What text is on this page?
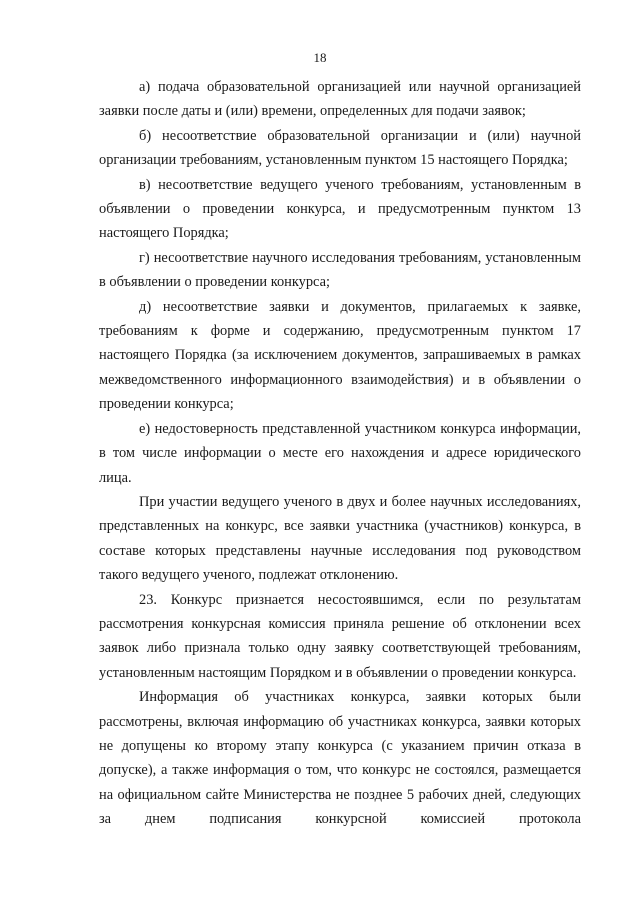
18

а) подача образовательной организацией или научной организацией заявки после даты и (или) времени, определенных для подачи заявок;

б) несоответствие образовательной организации и (или) научной организации требованиям, установленным пунктом 15 настоящего Порядка;

в) несоответствие ведущего ученого требованиям, установленным в объявлении о проведении конкурса, и предусмотренным пунктом 13 настоящего Порядка;

г) несоответствие научного исследования требованиям, установленным в объявлении о проведении конкурса;

д) несоответствие заявки и документов, прилагаемых к заявке, требованиям к форме и содержанию, предусмотренным пунктом 17 настоящего Порядка (за исключением документов, запрашиваемых в рамках межведомственного информационного взаимодействия) и в объявлении о проведении конкурса;

е) недостоверность представленной участником конкурса информации, в том числе информации о месте его нахождения и адресе юридического лица.

При участии ведущего ученого в двух и более научных исследованиях, представленных на конкурс, все заявки участника (участников) конкурса, в составе которых представлены научные исследования под руководством такого ведущего ученого, подлежат отклонению.

23. Конкурс признается несостоявшимся, если по результатам рассмотрения конкурсная комиссия приняла решение об отклонении всех заявок либо признала только одну заявку соответствующей требованиям, установленным настоящим Порядком и в объявлении о проведении конкурса.

Информация об участниках конкурса, заявки которых были рассмотрены, включая информацию об участниках конкурса, заявки которых не допущены ко второму этапу конкурса (с указанием причин отказа в допуске), а также информация о том, что конкурс не состоялся, размещается на официальном сайте Министерства не позднее 5 рабочих дней, следующих за днем подписания конкурсной комиссией протокола
